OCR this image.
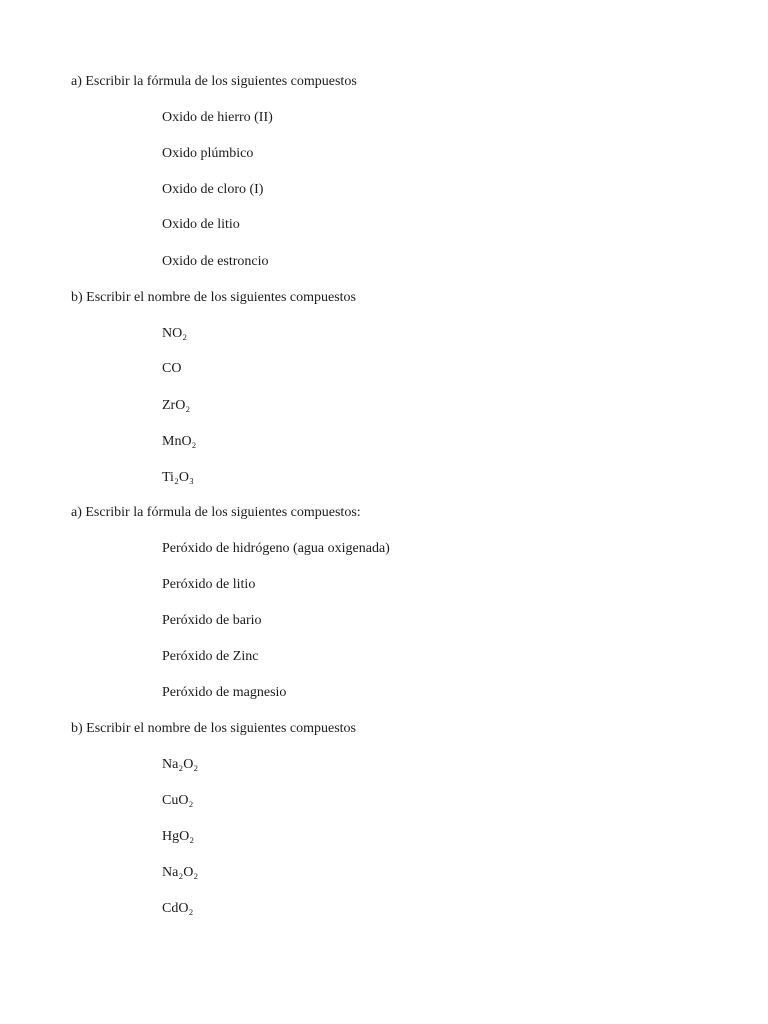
a) Escribir la fórmula de los siguientes compuestos
Oxido de hierro (II)
Oxido plúmbico
Oxido de cloro (I)
Oxido de litio
Oxido de estroncio
b) Escribir el nombre de los siguientes compuestos
NO₂
CO
ZrO₂
MnO₂
Ti₂O₃
a) Escribir la fórmula de los siguientes compuestos:
Peróxido de hidrógeno (agua oxigenada)
Peróxido de litio
Peróxido de bario
Peróxido de Zinc
Peróxido de magnesio
b) Escribir el nombre de los siguientes compuestos
Na₂O₂
CuO₂
HgO₂
Na₂O₂
CdO₂
